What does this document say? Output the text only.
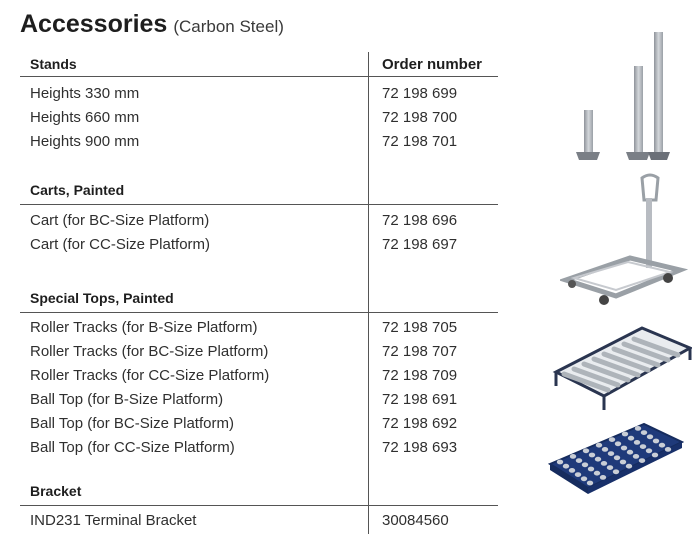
Accessories (Carbon Steel)
Stands	Order number
Heights 330 mm	72 198 699
Heights 660 mm	72 198 700
Heights 900 mm	72 198 701
Carts, Painted
Cart (for BC-Size Platform)	72 198 696
Cart (for CC-Size Platform)	72 198 697
Special Tops, Painted
Roller Tracks (for B-Size Platform)	72 198 705
Roller Tracks (for BC-Size Platform)	72 198 707
Roller Tracks (for CC-Size Platform)	72 198 709
Ball Top (for B-Size Platform)	72 198 691
Ball Top (for BC-Size Platform)	72 198 692
Ball Top (for CC-Size Platform)	72 198 693
Bracket
IND231 Terminal Bracket	30084560
